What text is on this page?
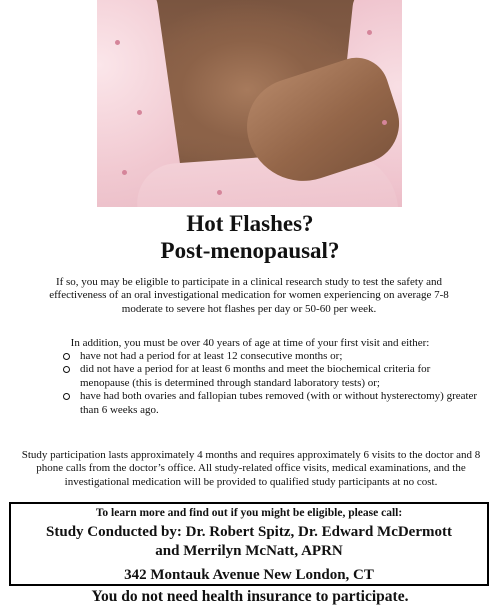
Hot Flashes?
Post-menopausal?
If so, you may be eligible to participate in a clinical research study to test the safety and effectiveness of an oral investigational medication for women experiencing on average 7-8 moderate to severe hot flashes per day or 50-60 per week.
In addition, you must be over 40 years of age at time of your first visit and either:
have not had a period for at least 12 consecutive months or;
did not have a period for at least 6 months and meet the biochemical criteria for menopause (this is determined through standard laboratory tests) or;
have had both ovaries and fallopian tubes removed (with or without hysterectomy) greater than 6 weeks ago.
Study participation lasts approximately 4 months and requires approximately 6 visits to the doctor and 8 phone calls from the doctor’s office. All study-related office visits, medical examinations, and the investigational medication will be provided to qualified study participants at no cost.
To learn more and find out if you might be eligible, please call:
Study Conducted by: Dr. Robert Spitz, Dr. Edward McDermott
and Merrilyn McNatt, APRN
342 Montauk Avenue New London, CT
You do not need health insurance to participate.
